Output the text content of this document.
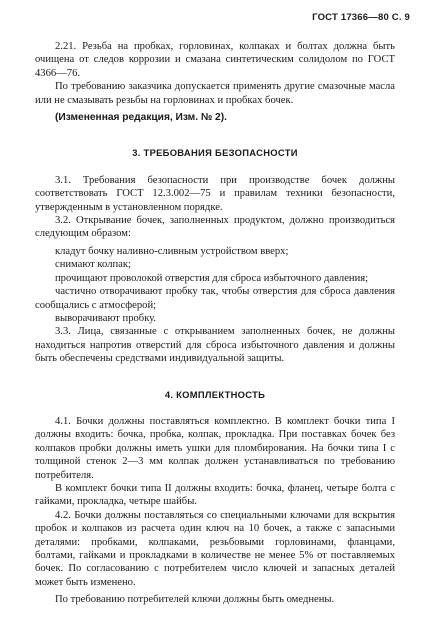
ГОСТ 17366—80 С. 9

2.21. Резьба на пробках, горловинах, колпаках и болтах должна быть очищена от следов коррозии и смазана синтетическим солидолом по ГОСТ 4366—76.

По требованию заказчика допускается применять другие смазочные масла или не смазывать резьбы на горловинах и пробках бочек.

(Измененная редакция, Изм. № 2).

3. ТРЕБОВАНИЯ БЕЗОПАСНОСТИ

3.1. Требования безопасности при производстве бочек должны соответствовать ГОСТ 12.3.002—75 и правилам техники безопасности, утвержденным в установленном порядке.

3.2. Открывание бочек, заполненных продуктом, должно производиться следующим образом:

кладут бочку наливно-сливным устройством вверх;

снимают колпак;

прочищают проволокой отверстия для сброса избыточного давления;

частично отворачивают пробку так, чтобы отверстия для сброса давления сообщались с атмосферой;

выворачивают пробку.

3.3. Лица, связанные с открыванием заполненных бочек, не должны находиться напротив отверстий для сброса избыточного давления и должны быть обеспечены средствами индивидуальной защиты.

4. КОМПЛЕКТНОСТЬ

4.1. Бочки должны поставляться комплектно. В комплект бочки типа I должны входить: бочка, пробка, колпак, прокладка. При поставках бочек без колпаков пробки должны иметь ушки для пломбирования. На бочки типа I с толщиной стенок 2—3 мм колпак должен устанавливаться по требованию потребителя.

В комплект бочки типа II должны входить: бочка, фланец, четыре болта с гайками, прокладка, четыре шайбы.

4.2. Бочки должны поставляться со специальными ключами для вскрытия пробок и колпаков из расчета один ключ на 10 бочек, а также с запасными деталями: пробками, колпаками, резьбовыми горловинами, фланцами, болтами, гайками и прокладками в количестве не менее 5% от поставляемых бочек. По согласованию с потребителем число ключей и запасных деталей может быть изменено.

По требованию потребителей ключи должны быть омеднены.
